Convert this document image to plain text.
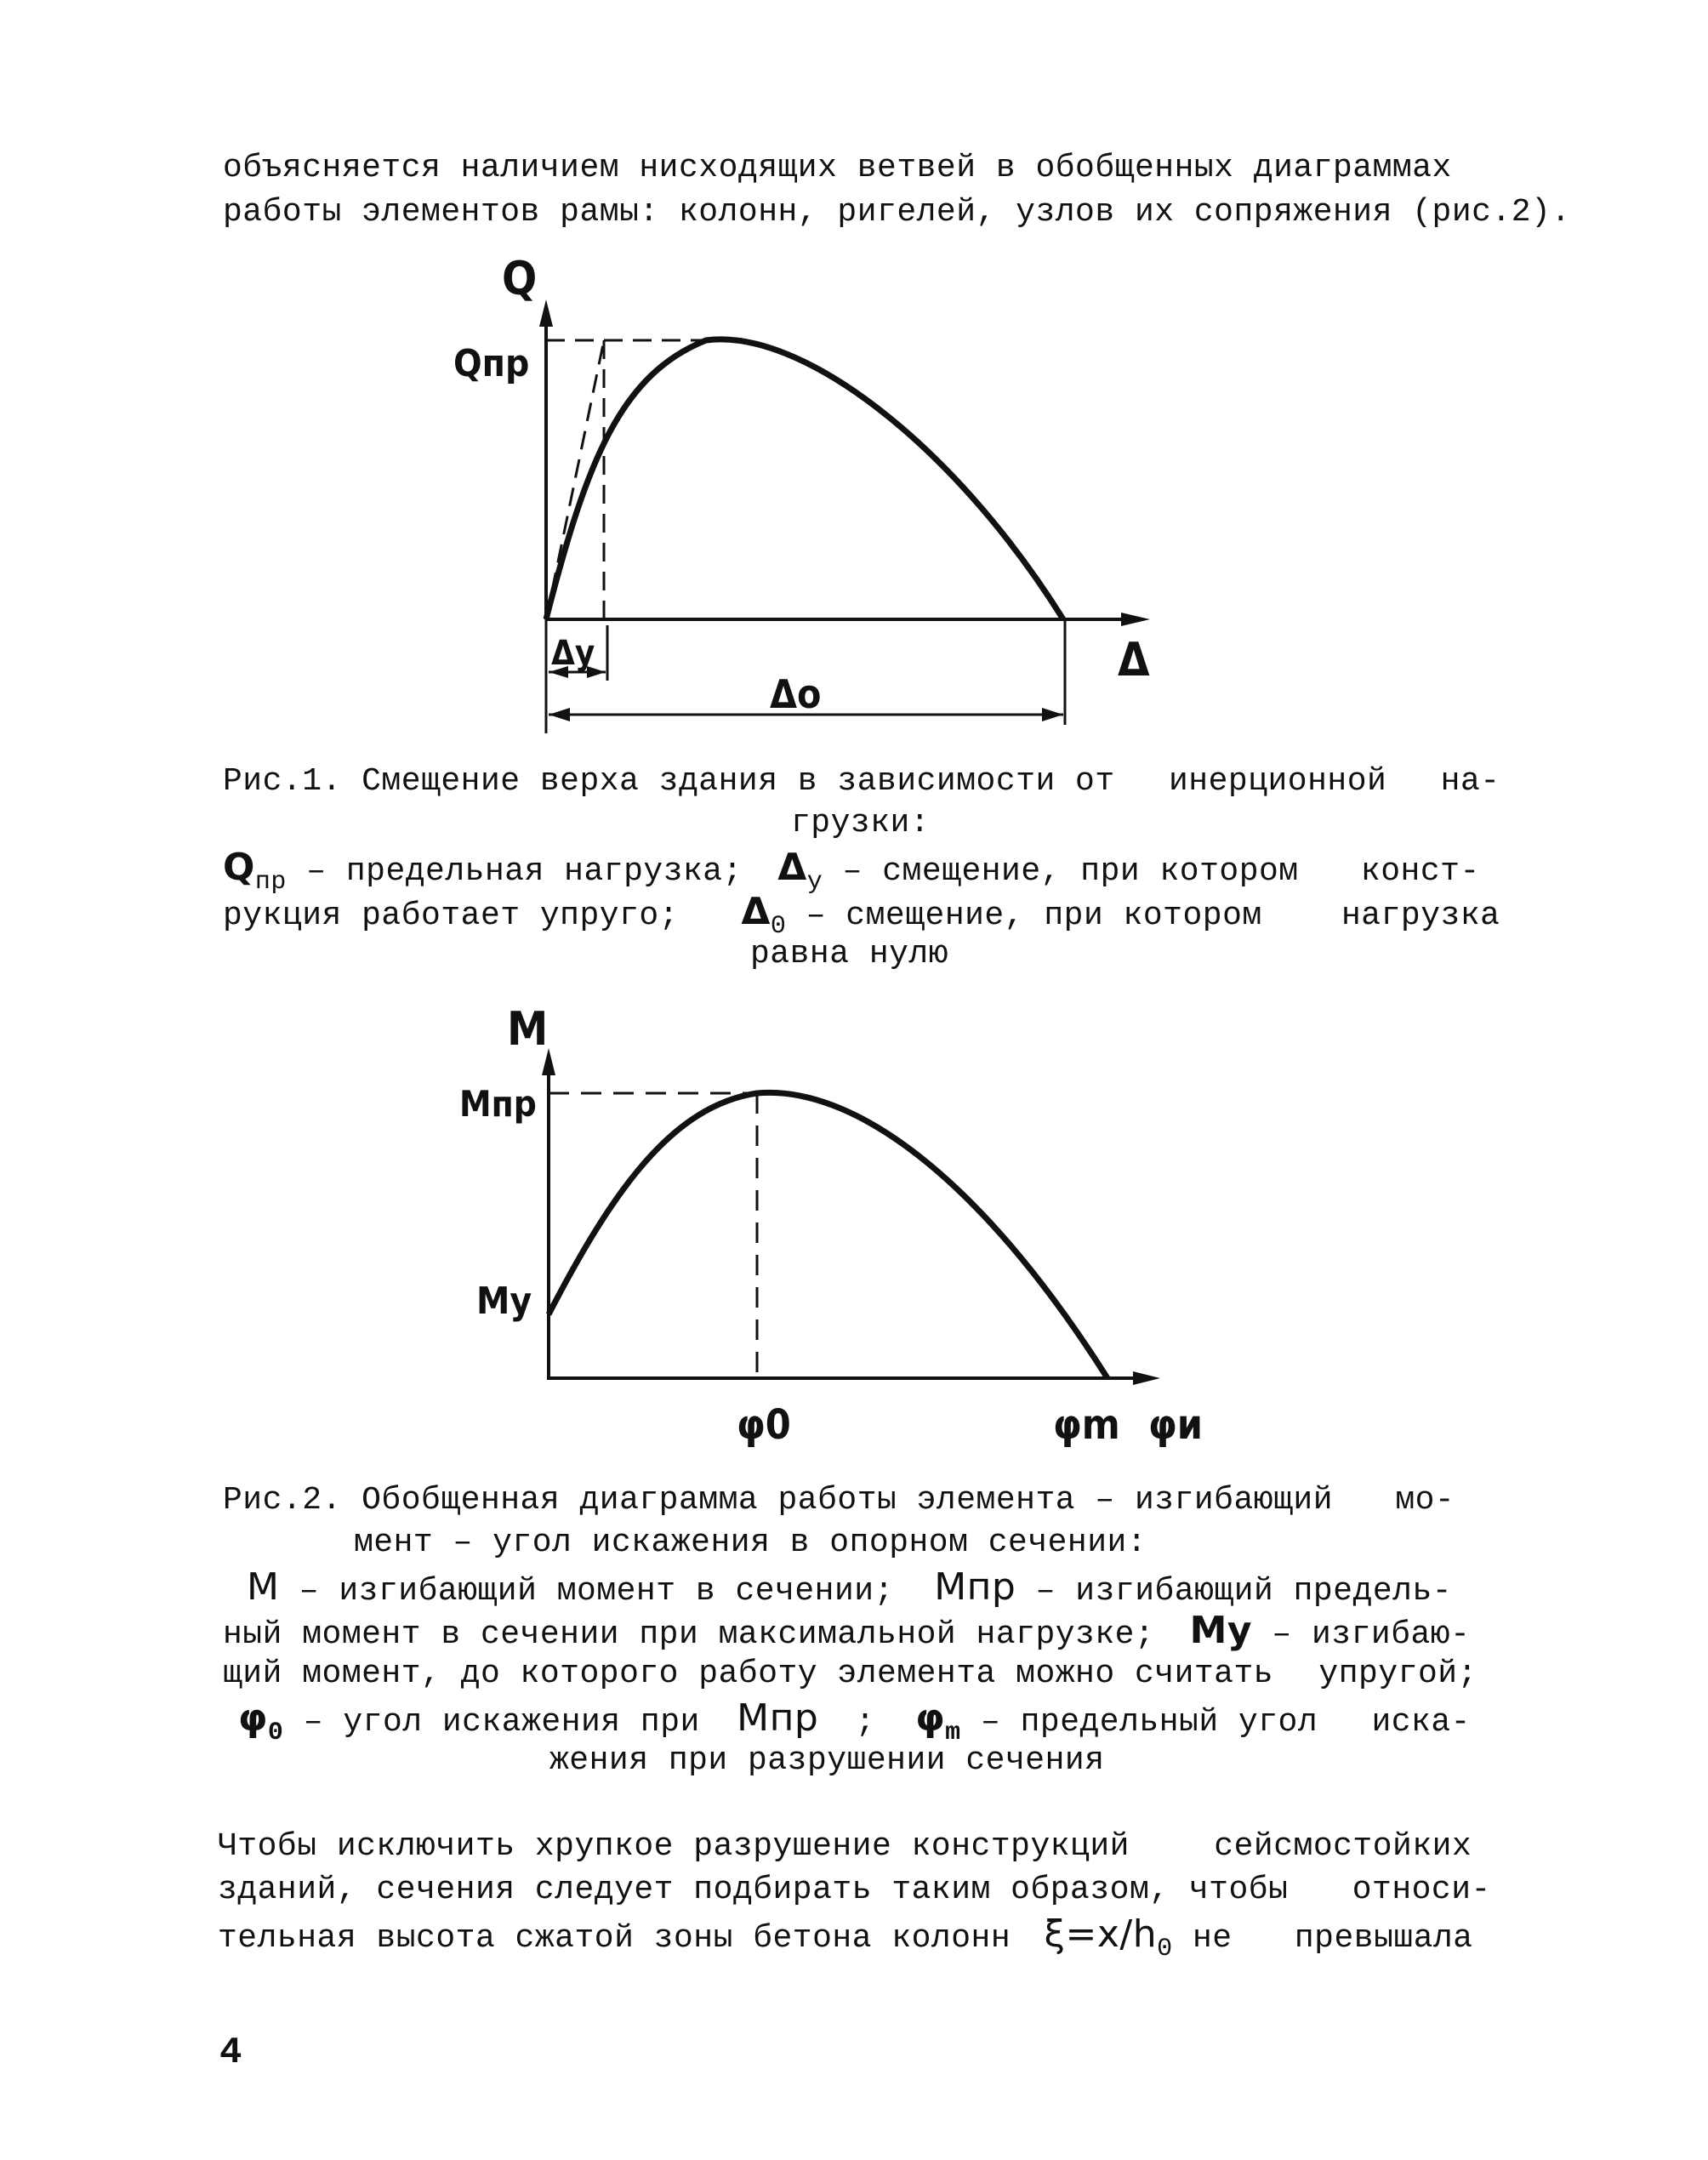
объясняется наличием нисходящих ветвей в обобщенных диаграммах
работы элементов рамы: колонн, ригелей, узлов их сопряжения (рис.2).
Q
Qпр
Δ
Δу
Δо
Рис.1. Смещение верха здания в зависимости от инерционной на-
грузки:
$Q_{пр}$ – предельная нагрузка; $\Delta_у$ – смещение, при котором конст-
рукция работает упруго; $\Delta_0$ – смещение, при котором нагрузка
равна нулю
M
Mпр
Mу
φ0	φm φи
Рис.2. Обобщенная диаграмма работы элемента – изгибающий мо-
мент – угол искажения в опорном сечении:
M – изгибающий момент в сечении; Mпр – изгибающий предель-
ный момент в сечении при максимальной нагрузке; Mу – изгибаю-
щий момент, до которого работу элемента можно считать упругой;
$\varphi_0$ – угол искажения при Mпр ; $\varphi_m$ – предельный угол иска-
жения при разрушении сечения
Чтобы исключить хрупкое разрушение конструкций	сейсмостойких
зданий, сечения следует подбирать таким образом, чтобы относи-
тельная высота сжатой зоны бетона колонн $\xi=x/h_0$ не превышала
4
